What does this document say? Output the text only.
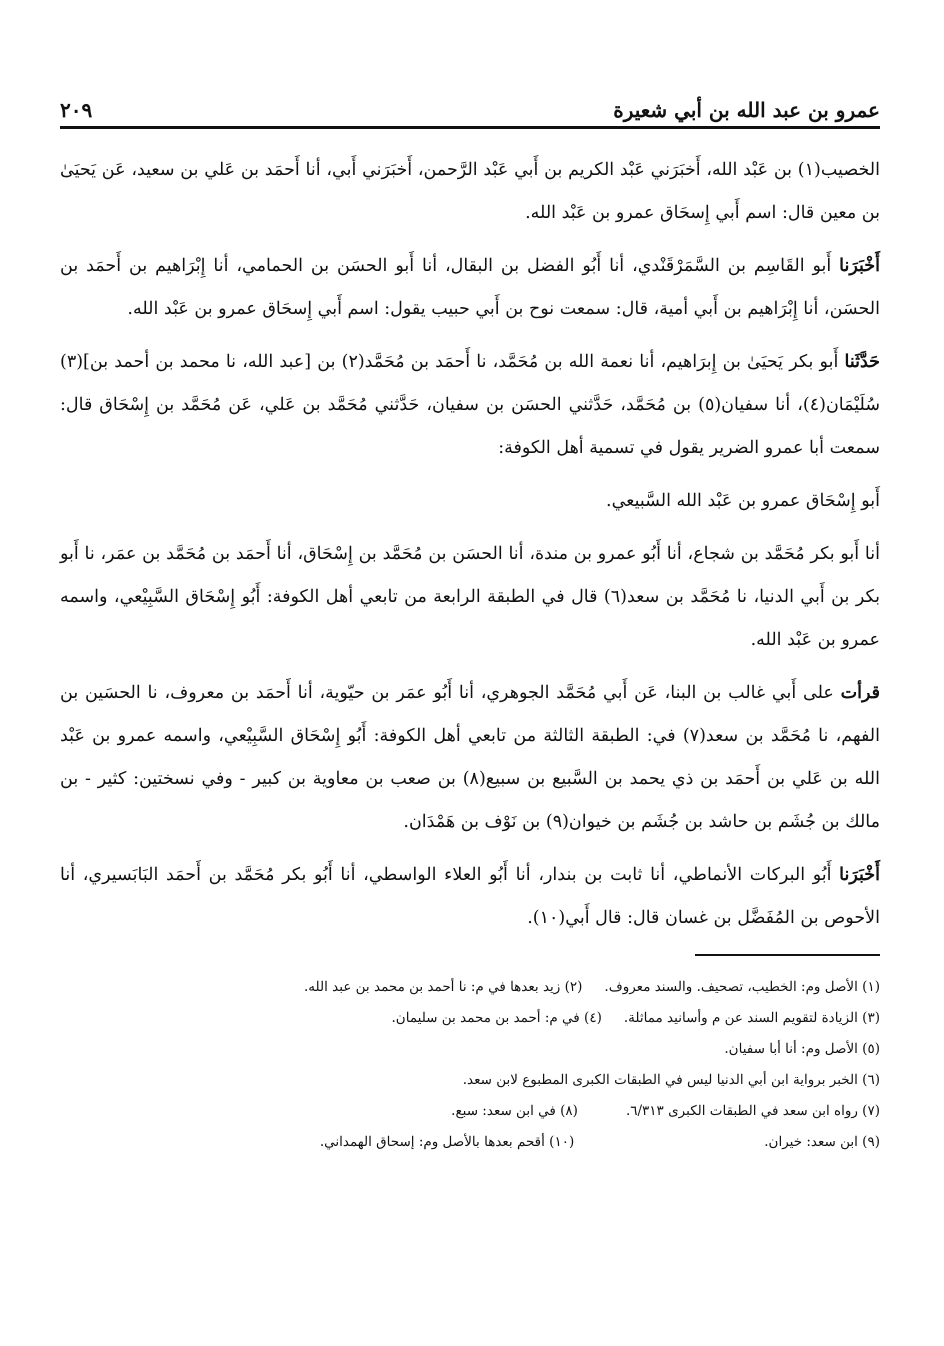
عمرو بن عبد الله بن أبي شعيرة
٢٠٩

الخصيب(١) بن عَبْد الله، أَخبَرَني عَبْد الكريم بن أَبي عَبْد الرَّحمن، أَخبَرَني أَبي، أنا أَحمَد بن عَلي بن سعيد، عَن يَحيَىٰ بن معين قال: اسم أَبي إِسحَاق عمرو بن عَبْد الله.

أَخْبَرَنا أَبو القَاسِم بن السَّمَرْقَنْدي، أنا أَبُو الفضل بن البقال، أنا أَبو الحسَن بن الحمامي، أنا إِبْرَاهيم بن أَحمَد بن الحسَن، أنا إِبْرَاهيم بن أَبي أمية، قال: سمعت نوح بن أَبي حبيب يقول: اسم أَبي إِسحَاق عمرو بن عَبْد الله.

حَدَّثَنا أَبو بكر يَحيَىٰ بن إِبرَاهيم، أنا نعمة الله بن مُحَمَّد، نا أَحمَد بن مُحَمَّد(٢) بن [عبد الله، نا محمد بن أحمد بن](٣) سُلَيْمَان(٤)، أنا سفيان(٥) بن مُحَمَّد، حَدَّثني الحسَن بن سفيان، حَدَّثني مُحَمَّد بن عَلي، عَن مُحَمَّد بن إِسْحَاق قال: سمعت أبا عمرو الضرير يقول في تسمية أهل الكوفة:

أَبو إِسْحَاق عمرو بن عَبْد الله السَّبيعي.

أنا أَبو بكر مُحَمَّد بن شجاع، أنا أَبُو عمرو بن مندة، أنا الحسَن بن مُحَمَّد بن إِسْحَاق، أنا أَحمَد بن مُحَمَّد بن عمَر، نا أَبو بكر بن أَبي الدنيا، نا مُحَمَّد بن سعد(٦) قال في الطبقة الرابعة من تابعي أهل الكوفة: أَبُو إِسْحَاق السَّبِيْعي، واسمه عمرو بن عَبْد الله.

قرأت على أَبي غالب بن البنا، عَن أَبي مُحَمَّد الجوهري، أنا أَبُو عمَر بن حيّوية، أنا أَحمَد بن معروف، نا الحسَين بن الفهم، نا مُحَمَّد بن سعد(٧) في: الطبقة الثالثة من تابعي أهل الكوفة: أَبُو إِسْحَاق السَّبِيْعي، واسمه عمرو بن عَبْد الله بن عَلي بن أَحمَد بن ذي يحمد بن السَّبيع بن سبيع(٨) بن صعب بن معاوية بن كبير - وفي نسختين: كثير - بن مالك بن جُشَم بن حاشد بن جُشَم بن خيوان(٩) بن نَوْف بن هَمْدَان.

أَخْبَرَنا أَبُو البركات الأنماطي، أنا ثابت بن بندار، أنا أَبُو العلاء الواسطي، أنا أَبُو بكر مُحَمَّد بن أَحمَد البَابَسيري، أنا الأحوص بن المُفَضَّل بن غسان قال: قال أَبي(١٠).

(١) الأصل وم: الخطيب، تصحيف. والسند معروف.(٢) زيد بعدها في م: نا أحمد بن محمد بن عبد الله.
(٣) الزيادة لتقويم السند عن م وأسانيد مماثلة.(٤) في م: أحمد بن محمد بن سليمان.
(٥) الأصل وم: أنا أبا سفيان.
(٦) الخبر برواية ابن أبي الدنيا ليس في الطبقات الكبرى المطبوع لابن سعد.
(٧) رواه ابن سعد في الطبقات الكبرى ٦/٣١٣.(٨) في ابن سعد: سبع.
(٩) ابن سعد: خيران.(١٠) أقحم بعدها بالأصل وم: إسحاق الهمداني.
